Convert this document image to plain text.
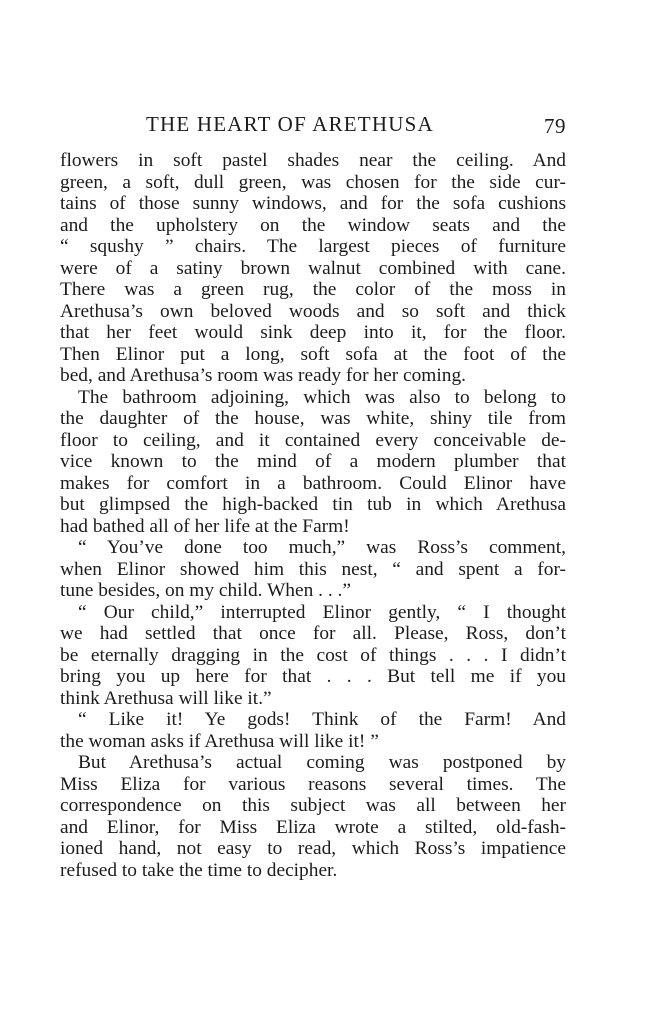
THE HEART OF ARETHUSA	79
flowers in soft pastel shades near the ceiling. And
green, a soft, dull green, was chosen for the side cur-
tains of those sunny windows, and for the sofa cushions
and the upholstery on the window seats and the
“ squshy ” chairs. The largest pieces of furniture
were of a satiny brown walnut combined with cane.
There was a green rug, the color of the moss in
Arethusa’s own beloved woods and so soft and thick
that her feet would sink deep into it, for the floor.
Then Elinor put a long, soft sofa at the foot of the
bed, and Arethusa’s room was ready for her coming.
The bathroom adjoining, which was also to belong to
the daughter of the house, was white, shiny tile from
floor to ceiling, and it contained every conceivable de-
vice known to the mind of a modern plumber that
makes for comfort in a bathroom. Could Elinor have
but glimpsed the high-backed tin tub in which Arethusa
had bathed all of her life at the Farm!
“ You’ve done too much,” was Ross’s comment,
when Elinor showed him this nest, “ and spent a for-
tune besides, on my child. When . . .”
“ Our child,” interrupted Elinor gently, “ I thought
we had settled that once for all. Please, Ross, don’t
be eternally dragging in the cost of things . . . I didn’t
bring you up here for that . . . But tell me if you
think Arethusa will like it.”
“ Like it! Ye gods! Think of the Farm! And
the woman asks if Arethusa will like it! ”
But Arethusa’s actual coming was postponed by
Miss Eliza for various reasons several times. The
correspondence on this subject was all between her
and Elinor, for Miss Eliza wrote a stilted, old-fash-
ioned hand, not easy to read, which Ross’s impatience
refused to take the time to decipher.
